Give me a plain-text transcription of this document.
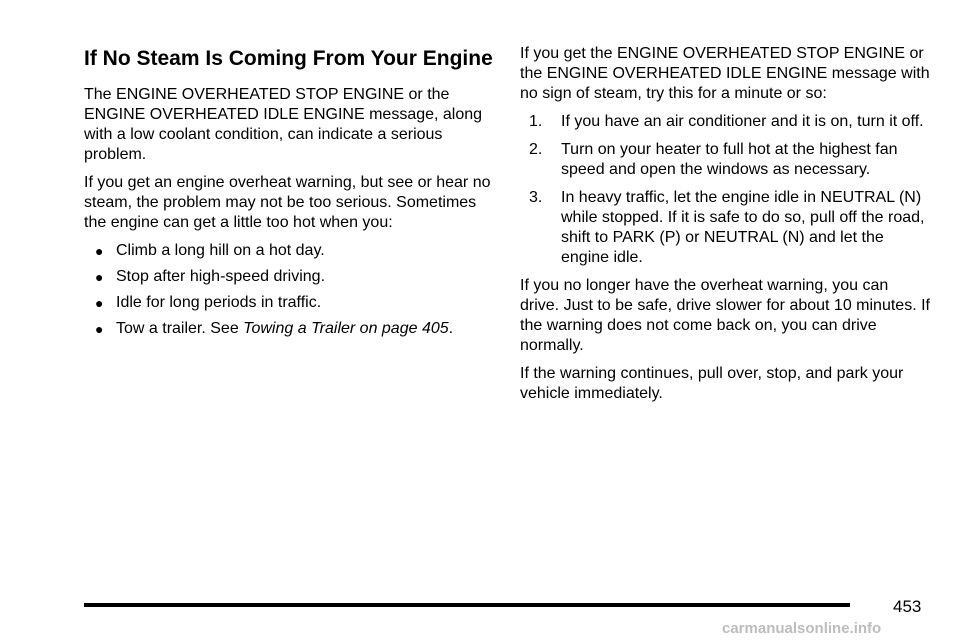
If No Steam Is Coming From Your Engine

The ENGINE OVERHEATED STOP ENGINE or the ENGINE OVERHEATED IDLE ENGINE message, along with a low coolant condition, can indicate a serious problem.

If you get an engine overheat warning, but see or hear no steam, the problem may not be too serious. Sometimes the engine can get a little too hot when you:

● Climb a long hill on a hot day.
● Stop after high-speed driving.
● Idle for long periods in traffic.
● Tow a trailer. See Towing a Trailer on page 405.

If you get the ENGINE OVERHEATED STOP ENGINE or the ENGINE OVERHEATED IDLE ENGINE message with no sign of steam, try this for a minute or so:

1. If you have an air conditioner and it is on, turn it off.
2. Turn on your heater to full hot at the highest fan speed and open the windows as necessary.
3. In heavy traffic, let the engine idle in NEUTRAL (N) while stopped. If it is safe to do so, pull off the road, shift to PARK (P) or NEUTRAL (N) and let the engine idle.

If you no longer have the overheat warning, you can drive. Just to be safe, drive slower for about 10 minutes. If the warning does not come back on, you can drive normally.

If the warning continues, pull over, stop, and park your vehicle immediately.

453
carmanualsonline.info
